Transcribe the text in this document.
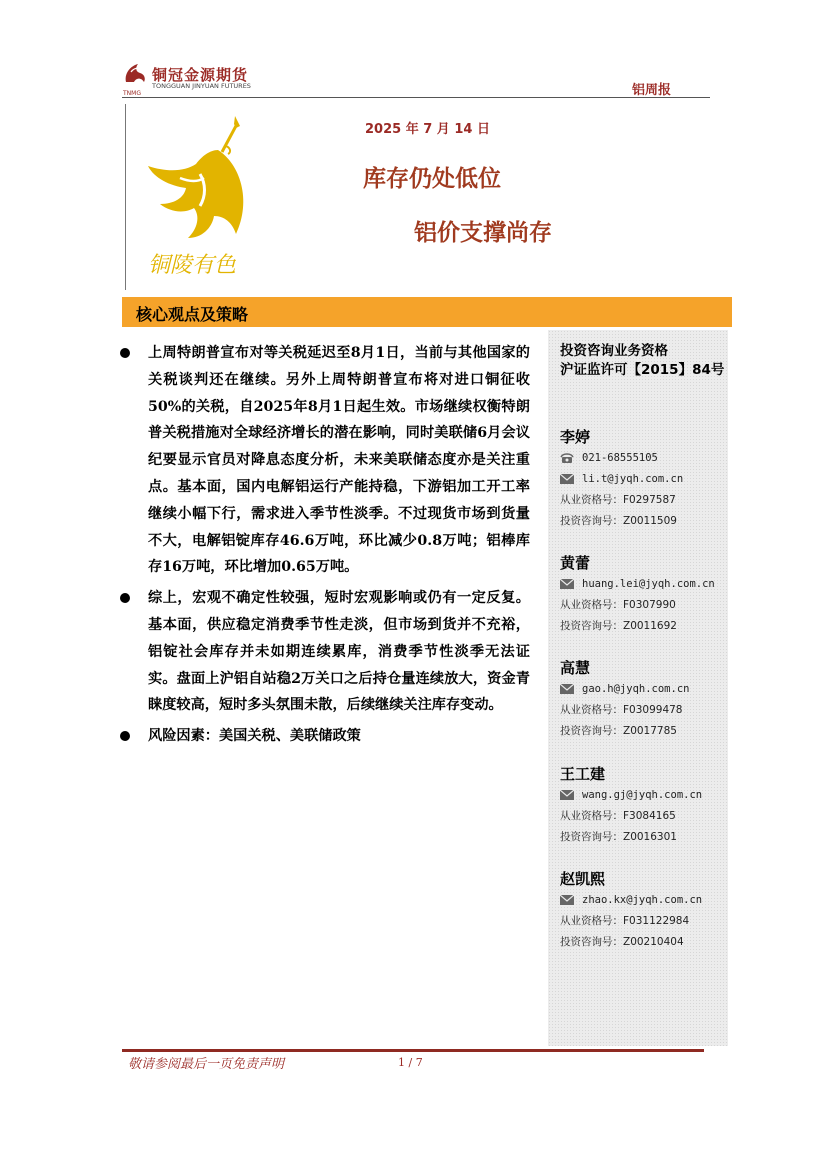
铜冠金源期货
TONGGUAN JINYUAN FUTURES
TNMG	铝周报
铜陵有色
2025 年 7 月 14 日
库存仍处低位
铝价支撑尚存
核心观点及策略
上周特朗普宣布对等关税延迟至8月1日，当前与其他国家的关税谈判还在继续。另外上周特朗普宣布将对进口铜征收50%的关税，自2025年8月1日起生效。市场继续权衡特朗普关税措施对全球经济增长的潜在影响，同时美联储6月会议纪要显示官员对降息态度分析，未来美联储态度亦是关注重点。基本面，国内电解铝运行产能持稳，下游铝加工开工率继续小幅下行，需求进入季节性淡季。不过现货市场到货量不大，电解铝锭库存46.6万吨，环比减少0.8万吨；铝棒库存16万吨，环比增加0.65万吨。
综上，宏观不确定性较强，短时宏观影响或仍有一定反复。基本面，供应稳定消费季节性走淡，但市场到货并不充裕，铝锭社会库存并未如期连续累库，消费季节性淡季无法证实。盘面上沪铝自站稳2万关口之后持仓量连续放大，资金青睐度较高，短时多头氛围未散，后续继续关注库存变动。
风险因素：美国关税、美联储政策
投资咨询业务资格
沪证监许可【2015】84号
李婷
021-68555105
li.t@jyqh.com.cn
从业资格号：F0297587
投资咨询号：Z0011509
黄蕾
huang.lei@jyqh.com.cn
从业资格号：F0307990
投资咨询号：Z0011692
高慧
gao.h@jyqh.com.cn
从业资格号：F03099478
投资咨询号：Z0017785
王工建
wang.gj@jyqh.com.cn
从业资格号：F3084165
投资咨询号：Z0016301
赵凯熙
zhao.kx@jyqh.com.cn
从业资格号：F031122984
投资咨询号：Z00210404
敬请参阅最后一页免责声明	1 / 7
